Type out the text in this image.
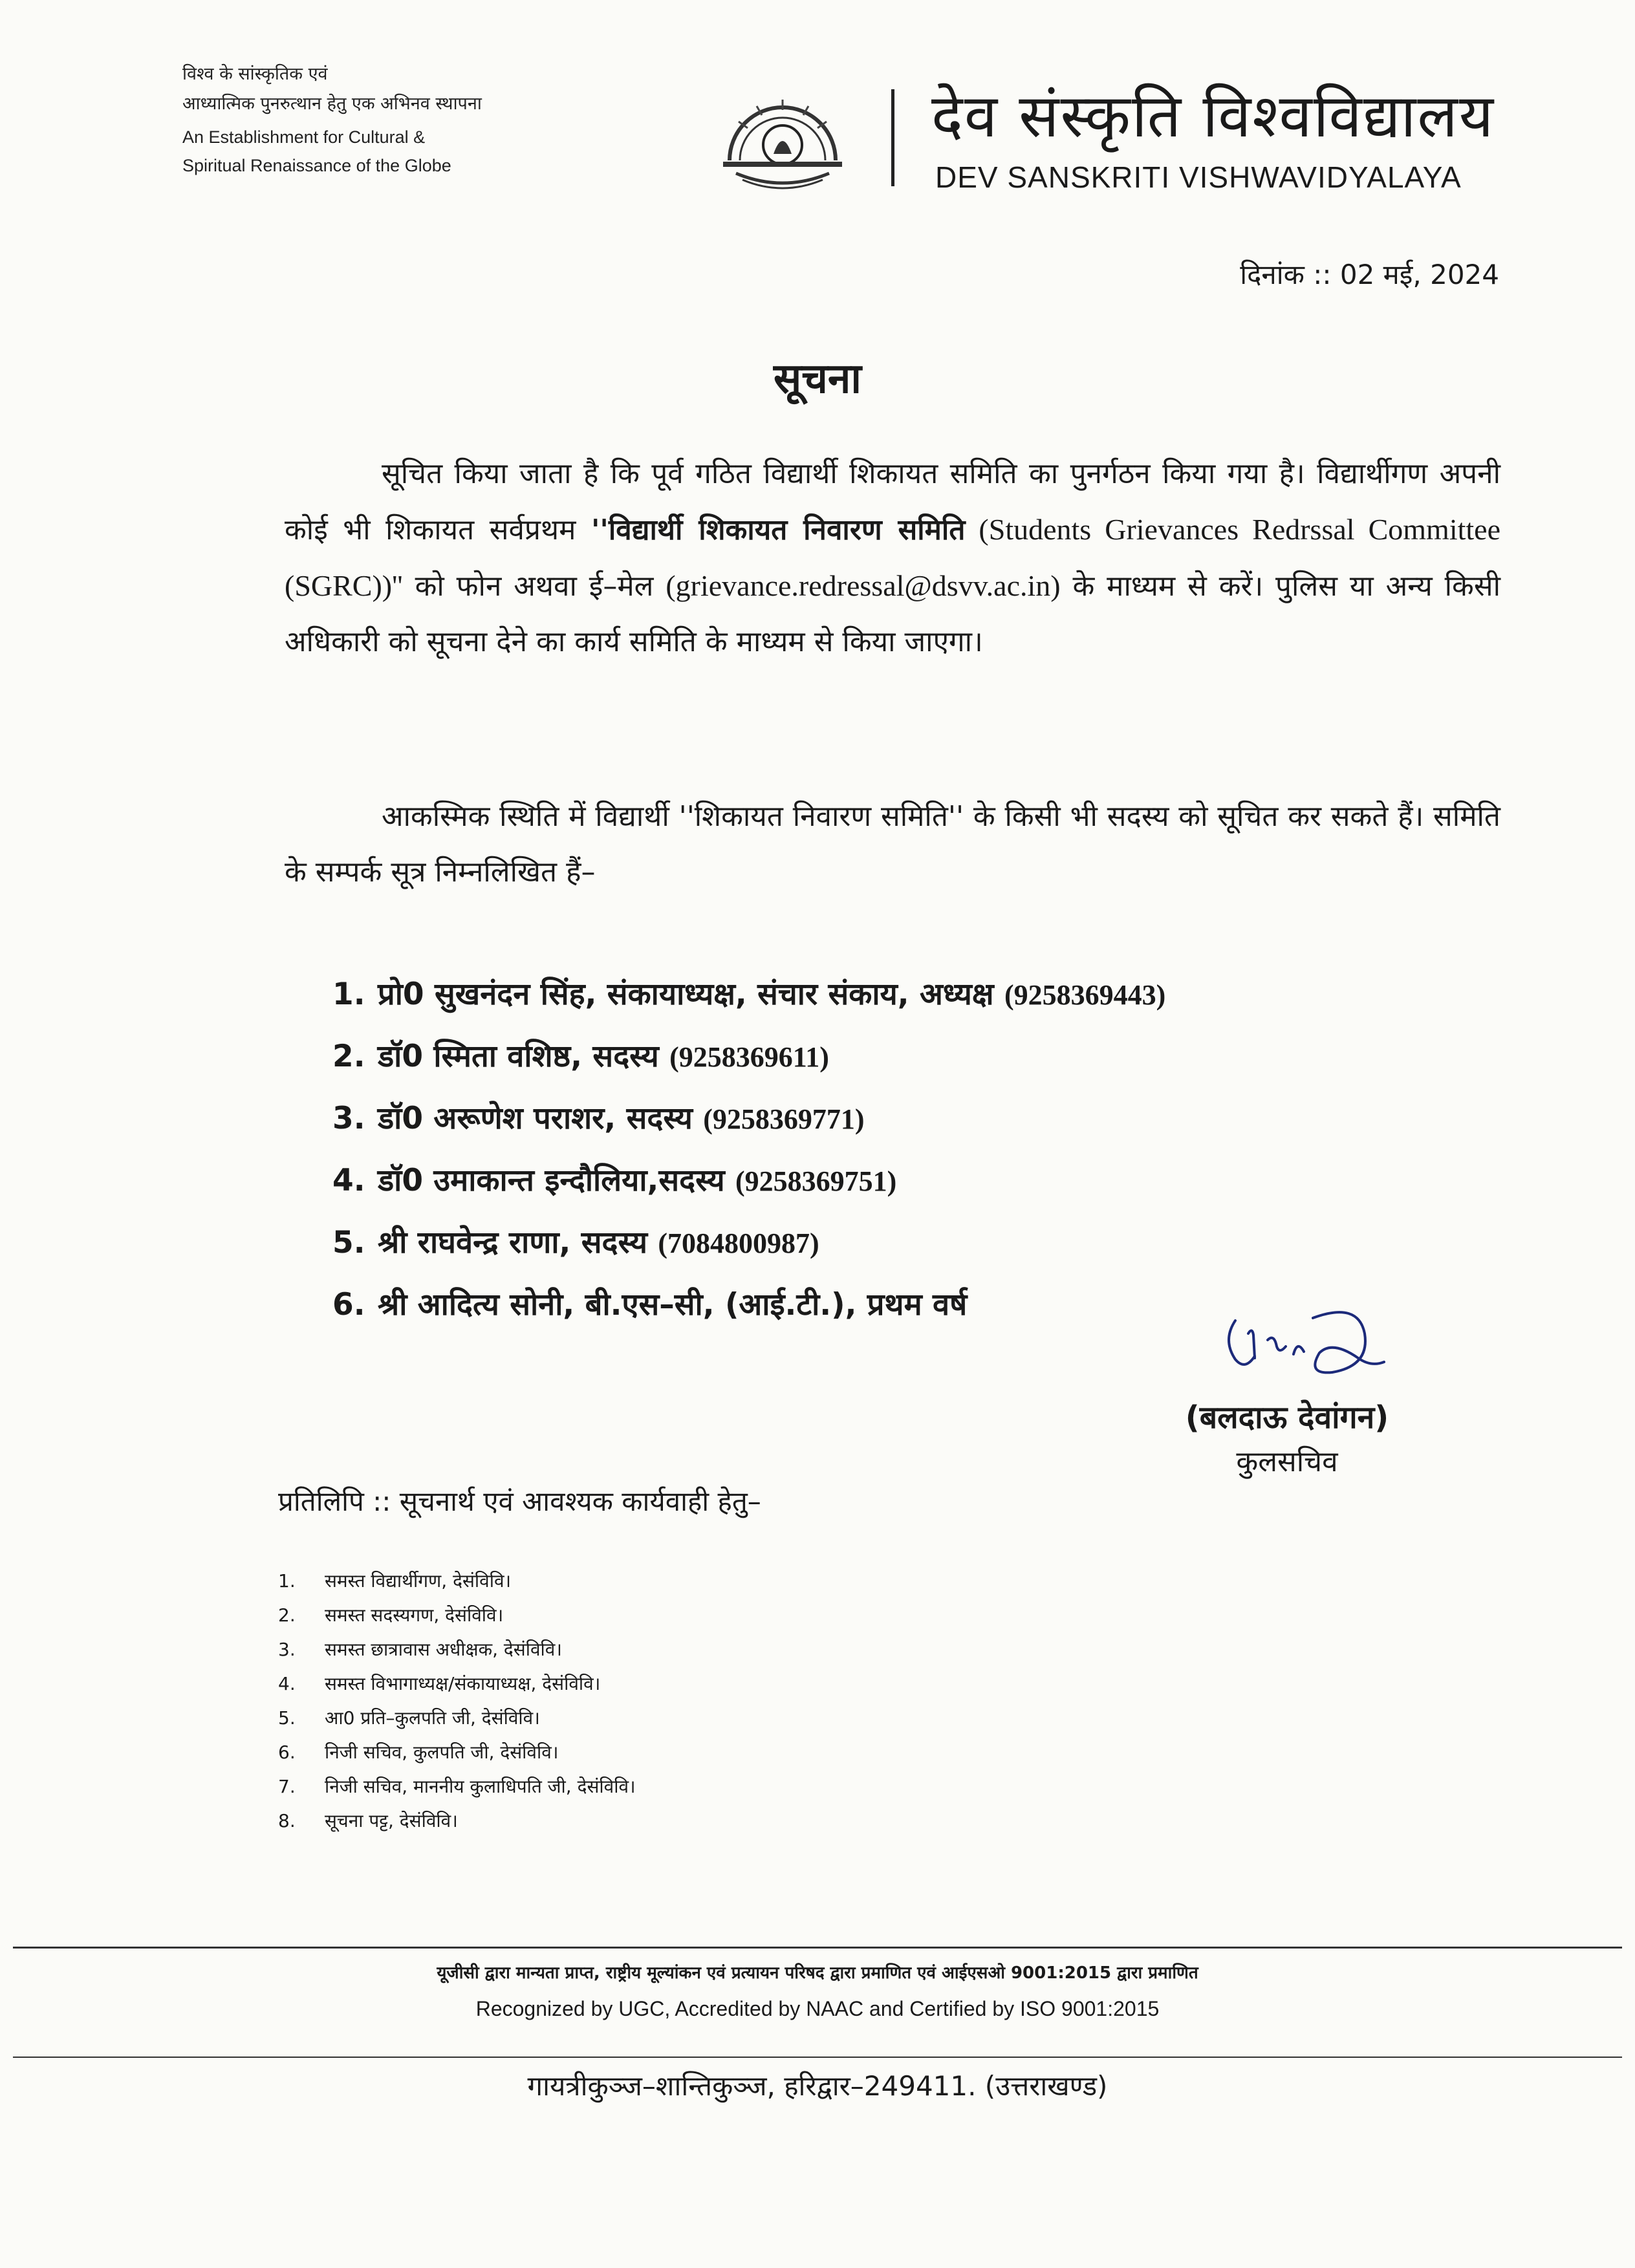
विश्व के सांस्कृतिक एवं
आध्यात्मिक पुनरुत्थान हेतु एक अभिनव स्थापना
An Establishment for Cultural &
Spiritual Renaissance of the Globe
देव संस्कृति विश्वविद्यालय
DEV SANSKRITI VISHWAVIDYALAYA
दिनांक :: 02 मई, 2024
सूचना
सूचित किया जाता है कि पूर्व गठित विद्यार्थी शिकायत समिति का पुनर्गठन किया गया है। विद्यार्थीगण अपनी कोई भी शिकायत सर्वप्रथम ''विद्यार्थी शिकायत निवारण समिति (Students Grievances Redrssal Committee (SGRC))'' को फोन अथवा ई–मेल (grievance.redressal@dsvv.ac.in) के माध्यम से करें। पुलिस या अन्य किसी अधिकारी को सूचना देने का कार्य समिति के माध्यम से किया जाएगा।
आकस्मिक स्थिति में विद्यार्थी ''शिकायत निवारण समिति'' के किसी भी सदस्य को सूचित कर सकते हैं। समिति के सम्पर्क सूत्र निम्नलिखित हैं–
1. प्रो0 सुखनंदन सिंह, संकायाध्यक्ष, संचार संकाय, अध्यक्ष (9258369443)
2. डॉ0 स्मिता वशिष्ठ, सदस्य (9258369611)
3. डॉ0 अरूणेश पराशर, सदस्य (9258369771)
4. डॉ0 उमाकान्त इन्दौलिया,सदस्य (9258369751)
5. श्री राघवेन्द्र राणा, सदस्य (7084800987)
6. श्री आदित्य सोनी, बी.एस–सी, (आई.टी.), प्रथम वर्ष
(बलदाऊ देवांगन)
कुलसचिव
प्रतिलिपि :: सूचनार्थ एवं आवश्यक कार्यवाही हेतु–
1. समस्त विद्यार्थीगण, देसंविवि।
2. समस्त सदस्यगण, देसंविवि।
3. समस्त छात्रावास अधीक्षक, देसंविवि।
4. समस्त विभागाध्यक्ष/संकायाध्यक्ष, देसंविवि।
5. आ0 प्रति–कुलपति जी, देसंविवि।
6. निजी सचिव, कुलपति जी, देसंविवि।
7. निजी सचिव, माननीय कुलाधिपति जी, देसंविवि।
8. सूचना पट्ट, देसंविवि।
यूजीसी द्वारा मान्यता प्राप्त, राष्ट्रीय मूल्यांकन एवं प्रत्यायन परिषद द्वारा प्रमाणित एवं आईएसओ 9001:2015 द्वारा प्रमाणित
Recognized by UGC, Accredited by NAAC and Certified by ISO 9001:2015
गायत्रीकुञ्ज–शान्तिकुञ्ज, हरिद्वार–249411. (उत्तराखण्ड)
